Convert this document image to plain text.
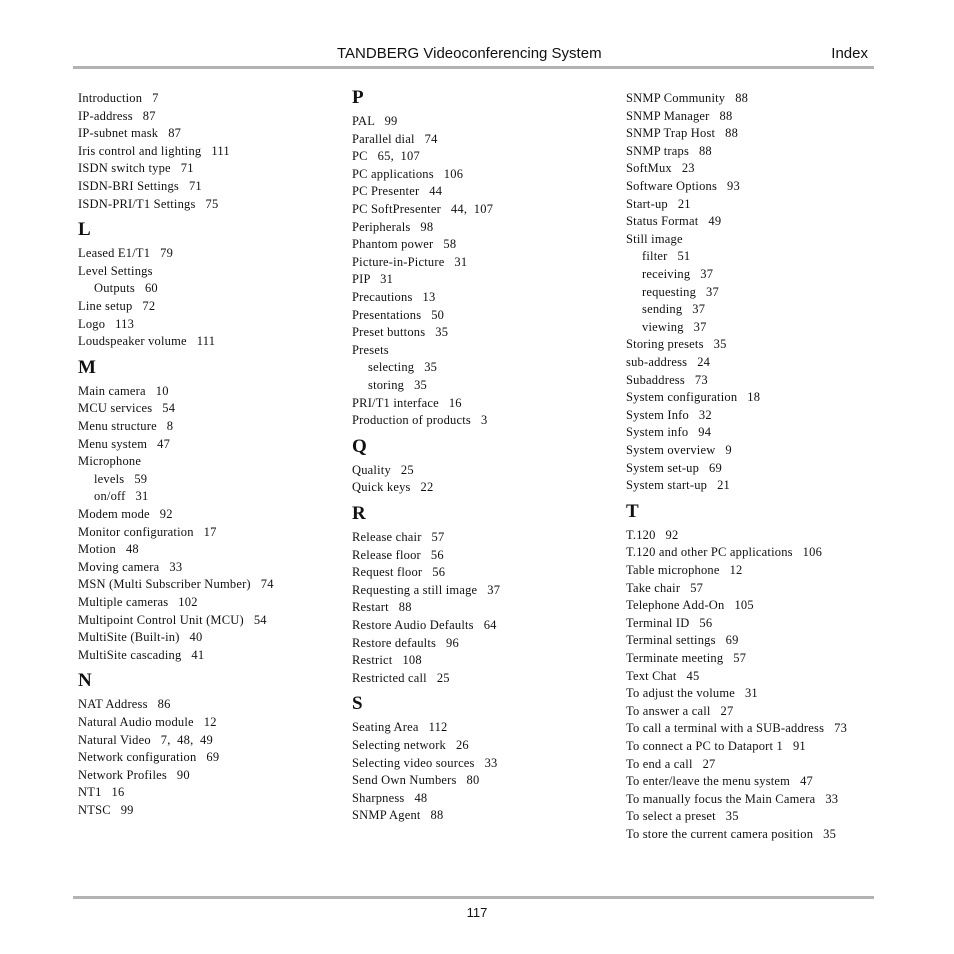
TANDBERG Videoconferencing System	Index
Introduction   7
IP-address   87
IP-subnet mask   87
Iris control and lighting   111
ISDN switch type   71
ISDN-BRI Settings   71
ISDN-PRI/T1 Settings   75
L
Leased E1/T1   79
Level Settings
Outputs   60
Line setup   72
Logo   113
Loudspeaker volume   111
M
Main camera   10
MCU services   54
Menu structure   8
Menu system   47
Microphone
levels   59
on/off   31
Modem mode   92
Monitor configuration   17
Motion   48
Moving camera   33
MSN (Multi Subscriber Number)   74
Multiple cameras   102
Multipoint Control Unit (MCU)   54
MultiSite (Built-in)   40
MultiSite cascading   41
N
NAT Address   86
Natural Audio module   12
Natural Video   7,  48,  49
Network configuration   69
Network Profiles   90
NT1   16
NTSC   99
P
PAL   99
Parallel dial   74
PC   65,  107
PC applications   106
PC Presenter   44
PC SoftPresenter   44,  107
Peripherals   98
Phantom power   58
Picture-in-Picture   31
PIP   31
Precautions   13
Presentations   50
Preset buttons   35
Presets
selecting   35
storing   35
PRI/T1 interface   16
Production of products   3
Q
Quality   25
Quick keys   22
R
Release chair   57
Release floor   56
Request floor   56
Requesting a still image   37
Restart   88
Restore Audio Defaults   64
Restore defaults   96
Restrict   108
Restricted call   25
S
Seating Area   112
Selecting network   26
Selecting video sources   33
Send Own Numbers   80
Sharpness   48
SNMP Agent   88
SNMP Community   88
SNMP Manager   88
SNMP Trap Host   88
SNMP traps   88
SoftMux   23
Software Options   93
Start-up   21
Status Format   49
Still image
filter   51
receiving   37
requesting   37
sending   37
viewing   37
Storing presets   35
sub-address   24
Subaddress   73
System configuration   18
System Info   32
System info   94
System overview   9
System set-up   69
System start-up   21
T
T.120   92
T.120 and other PC applications   106
Table microphone   12
Take chair   57
Telephone Add-On   105
Terminal ID   56
Terminal settings   69
Terminate meeting   57
Text Chat   45
To adjust the volume   31
To answer a call   27
To call a terminal with a SUB-address   73
To connect a PC to Dataport 1   91
To end a call   27
To enter/leave the menu system   47
To manually focus the Main Camera   33
To select a preset   35
To store the current camera position   35
117
